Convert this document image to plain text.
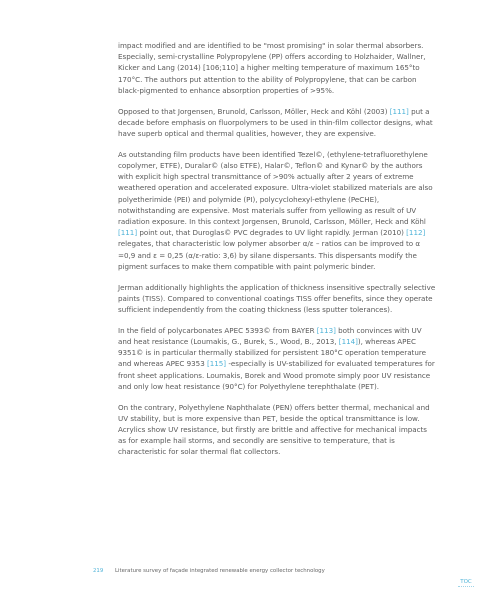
impact modified and are identified to be "most promising" in solar thermal absorbers. Especially, semi-crystalline Polypropylene (PP) offers according to Holzhaider, Wallner, Kicker and Lang (2014) [106;110] a higher melting temperature of maximum 165°to 170°C. The authors put attention to the ability of Polypropylene, that can be carbon black-pigmented to enhance absorption properties of >95%.

Opposed to that Jorgensen, Brunold, Carlsson, Möller, Heck and Köhl (2003) [111] put a decade before emphasis on fluorpolymers to be used in thin-film collector designs, what have superb optical and thermal qualities, however, they are expensive.

As outstanding film products have been identified Tezel©, (ethylene-tetrafluorethylene copolymer, ETFE), Duralar© (also ETFE), Halar©, Teflon© and Kynar© by the authors with explicit high spectral transmittance of >90% actually after 2 years of extreme weathered operation and accelerated exposure. Ultra-violet stabilized materials are also polyetherimide (PEI) and polymide (PI), polycyclohexyl-ethylene (PeCHE), notwithstanding are expensive. Most materials suffer from yellowing as result of UV radiation exposure. In this context Jorgensen, Brunold, Carlsson, Möller, Heck and Köhl [111] point out, that Duroglas© PVC degrades to UV light rapidly. Jerman (2010) [112] relegates, that characteristic low polymer absorber α/ε – ratios can be improved to α =0,9 and ε = 0,25 (α/ε-ratio: 3,6) by silane dispersants. This dispersants modify the pigment surfaces to make them compatible with paint polymeric binder.

Jerman additionally highlights the application of thickness insensitive spectrally selective paints (TISS). Compared to conventional coatings TISS offer benefits, since they operate sufficient independently from the coating thickness (less sputter tolerances).

In the field of polycarbonates APEC 5393© from BAYER [113] both convinces with UV and heat resistance (Loumakis, G., Burek, S., Wood, B., 2013, [114]), whereas APEC 9351© is in particular thermally stabilized for persistent 180°C operation temperature and whereas APEC 9353 [115] -especially is UV-stabilized for evaluated temperatures for front sheet applications. Loumakis, Borek and Wood promote simply poor UV resistance and only low heat resistance (90°C) for Polyethylene terephthalate (PET).

On the contrary, Polyethylene Naphthalate (PEN) offers better thermal, mechanical and UV stability, but is more expensive than PET, beside the optical transmittance is low. Acrylics show UV resistance, but firstly are brittle and affective for mechanical impacts as for example hail storms, and secondly are sensitive to temperature, that is characteristic for solar thermal flat collectors.

219 Literature survey of façade integrated renewable energy collector technology
TOC
